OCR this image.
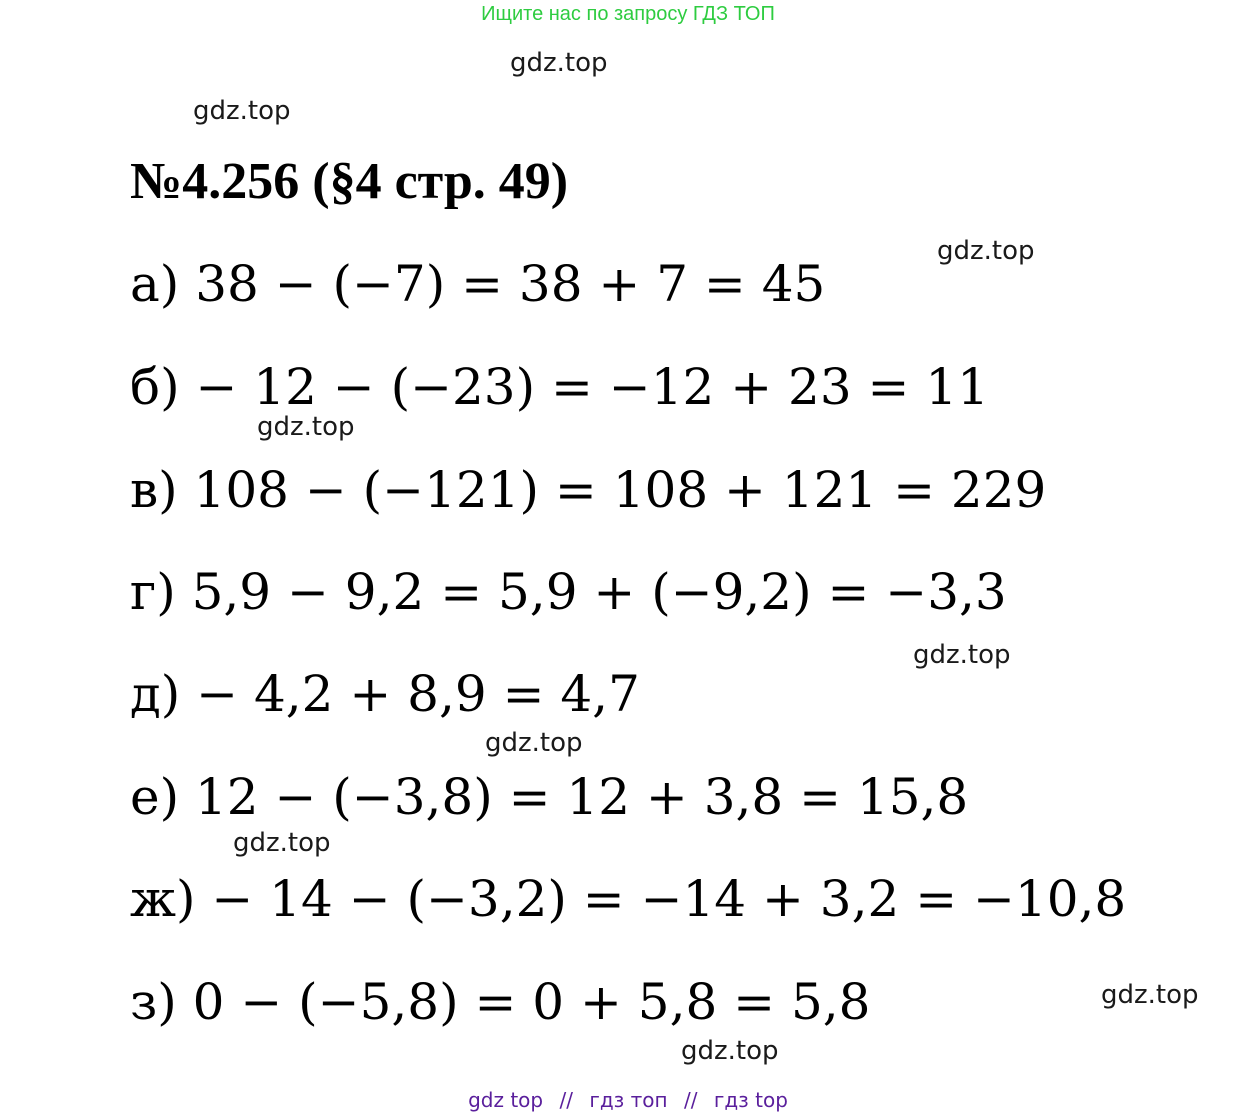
Ищите нас по запросу ГДЗ ТОП
gdz.top
gdz.top
gdz.top
gdz.top
gdz.top
gdz.top
gdz.top
gdz.top
gdz.top
№4.256 (§4 стр. 49)
а) 38 − (−7) = 38 + 7 = 45
б) − 12 − (−23) = −12 + 23 = 11
в) 108 − (−121) = 108 + 121 = 229
г) 5,9 − 9,2 = 5,9 + (−9,2) = −3,3
д) − 4,2 + 8,9 = 4,7
е) 12 − (−3,8) = 12 + 3,8 = 15,8
ж) − 14 − (−3,2) = −14 + 3,2 = −10,8
з) 0 − (−5,8) = 0 + 5,8 = 5,8
gdz top // гдз топ // гдз top
